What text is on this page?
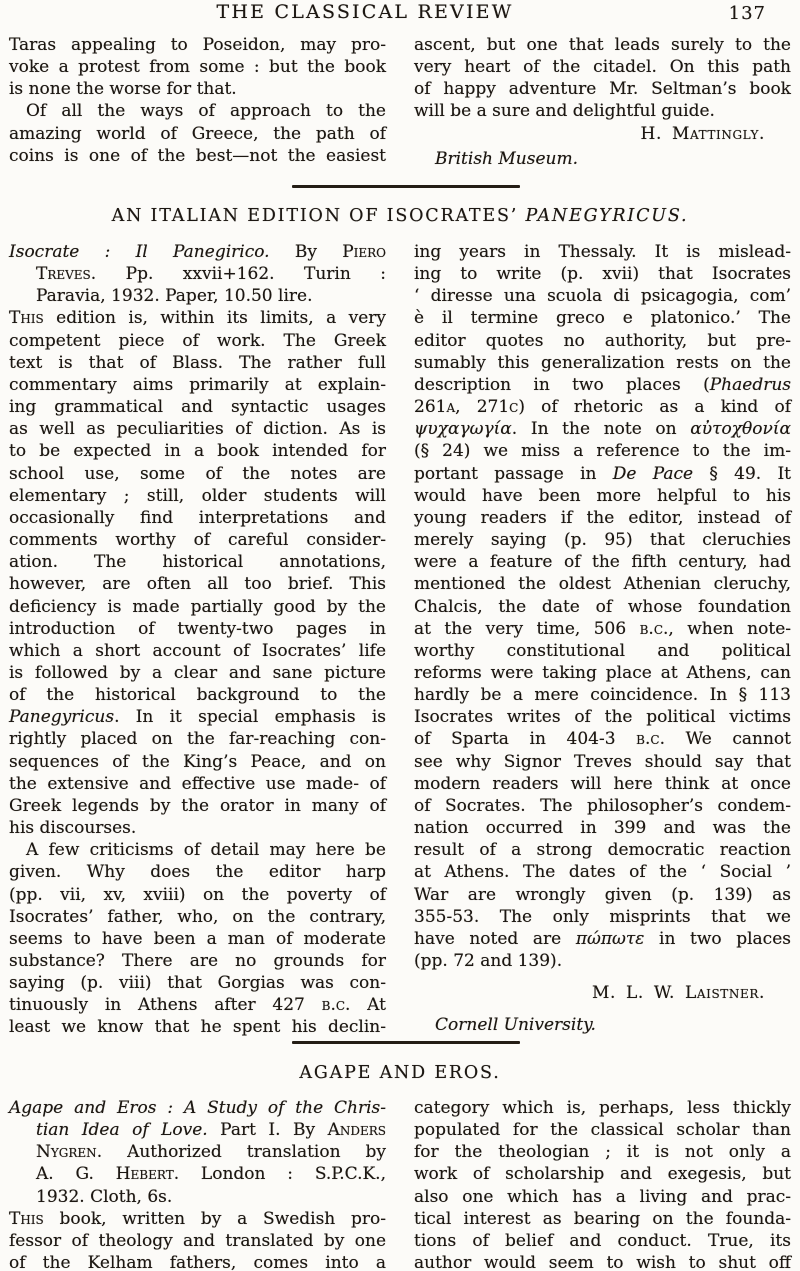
THE CLASSICAL REVIEW	137
Taras appealing to Poseidon, may pro-
voke a protest from some : but the book
is none the worse for that.
Of all the ways of approach to the
amazing world of Greece, the path of
coins is one of the best—not the easiest
ascent, but one that leads surely to the
very heart of the citadel. On this path
of happy adventure Mr. Seltman’s book
will be a sure and delightful guide.
H. Mattingly.
British Museum.
AN ITALIAN EDITION OF ISOCRATES’ PANEGYRICUS.
Isocrate : Il Panegirico. By Piero
Treves. Pp. xxvii+162. Turin :
Paravia, 1932. Paper, 10.50 lire.
This edition is, within its limits, a very
competent piece of work. The Greek
text is that of Blass. The rather full
commentary aims primarily at explain-
ing grammatical and syntactic usages
as well as peculiarities of diction. As is
to be expected in a book intended for
school use, some of the notes are
elementary ; still, older students will
occasionally find interpretations and
comments worthy of careful consider-
ation. The historical annotations,
however, are often all too brief. This
deficiency is made partially good by the
introduction of twenty-two pages in
which a short account of Isocrates’ life
is followed by a clear and sane picture
of the historical background to the
Panegyricus. In it special emphasis is
rightly placed on the far-reaching con-
sequences of the King’s Peace, and on
the extensive and effective use made- of
Greek legends by the orator in many of
his discourses.
A few criticisms of detail may here be
given. Why does the editor harp
(pp. vii, xv, xviii) on the poverty of
Isocrates’ father, who, on the contrary,
seems to have been a man of moderate
substance? There are no grounds for
saying (p. viii) that Gorgias was con-
tinuously in Athens after 427 b.c. At
least we know that he spent his declin-
ing years in Thessaly. It is mislead-
ing to write (p. xvii) that Isocrates
‘ diresse una scuola di psicagogia, com’
è il termine greco e platonico.’ The
editor quotes no authority, but pre-
sumably this generalization rests on the
description in two places (Phaedrus
261a, 271c) of rhetoric as a kind of
ψυχαγωγία. In the note on αὐτοχθονία
(§ 24) we miss a reference to the im-
portant passage in De Pace § 49. It
would have been more helpful to his
young readers if the editor, instead of
merely saying (p. 95) that cleruchies
were a feature of the fifth century, had
mentioned the oldest Athenian cleruchy,
Chalcis, the date of whose foundation
at the very time, 506 b.c., when note-
worthy constitutional and political
reforms were taking place at Athens, can
hardly be a mere coincidence. In § 113
Isocrates writes of the political victims
of Sparta in 404-3 b.c. We cannot
see why Signor Treves should say that
modern readers will here think at once
of Socrates. The philosopher’s condem-
nation occurred in 399 and was the
result of a strong democratic reaction
at Athens. The dates of the ‘ Social ’
War are wrongly given (p. 139) as
355-53. The only misprints that we
have noted are πώπωτε in two places
(pp. 72 and 139).
M. L. W. Laistner.
Cornell University.
AGAPE AND EROS.
Agape and Eros : A Study of the Chris-
tian Idea of Love. Part I. By Anders
Nygren. Authorized translation by
A. G. Hebert. London : S.P.C.K.,
1932. Cloth, 6s.
This book, written by a Swedish pro-
fessor of theology and translated by one
of the Kelham fathers, comes into a
category which is, perhaps, less thickly
populated for the classical scholar than
for the theologian ; it is not only a
work of scholarship and exegesis, but
also one which has a living and prac-
tical interest as bearing on the founda-
tions of belief and conduct. True, its
author would seem to wish to shut off
